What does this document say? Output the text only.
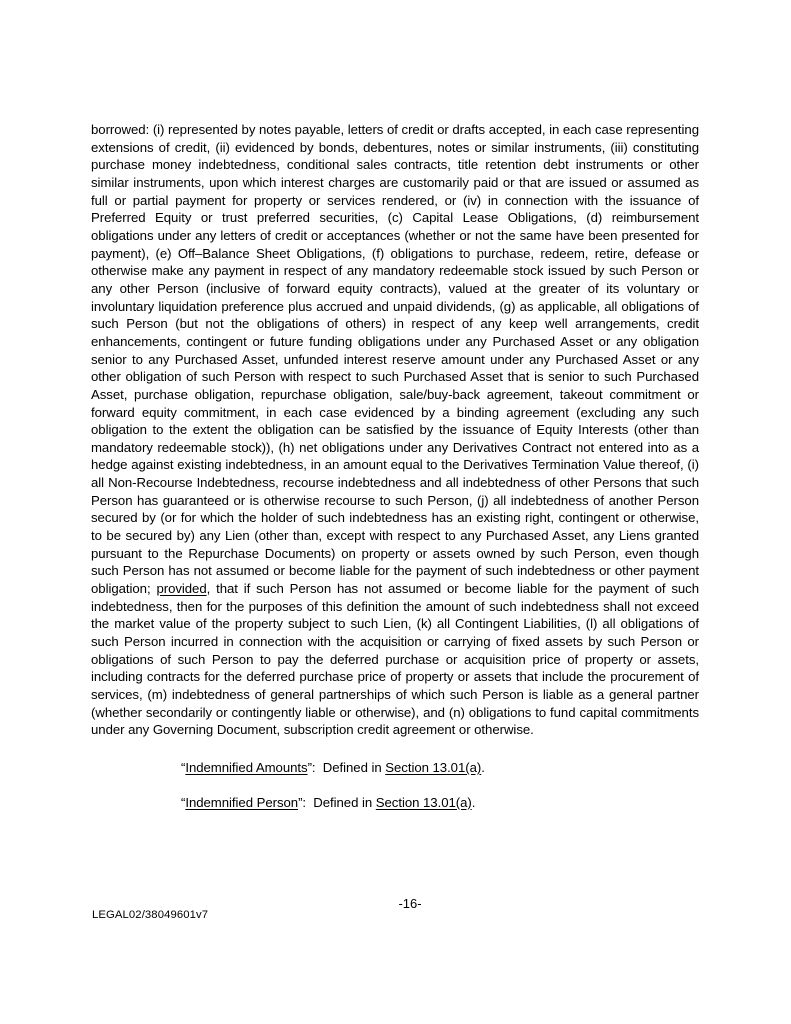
borrowed: (i) represented by notes payable, letters of credit or drafts accepted, in each case representing extensions of credit, (ii) evidenced by bonds, debentures, notes or similar instruments, (iii) constituting purchase money indebtedness, conditional sales contracts, title retention debt instruments or other similar instruments, upon which interest charges are customarily paid or that are issued or assumed as full or partial payment for property or services rendered, or (iv) in connection with the issuance of Preferred Equity or trust preferred securities, (c) Capital Lease Obligations, (d) reimbursement obligations under any letters of credit or acceptances (whether or not the same have been presented for payment), (e) Off–Balance Sheet Obligations, (f) obligations to purchase, redeem, retire, defease or otherwise make any payment in respect of any mandatory redeemable stock issued by such Person or any other Person (inclusive of forward equity contracts), valued at the greater of its voluntary or involuntary liquidation preference plus accrued and unpaid dividends, (g) as applicable, all obligations of such Person (but not the obligations of others) in respect of any keep well arrangements, credit enhancements, contingent or future funding obligations under any Purchased Asset or any obligation senior to any Purchased Asset, unfunded interest reserve amount under any Purchased Asset or any other obligation of such Person with respect to such Purchased Asset that is senior to such Purchased Asset, purchase obligation, repurchase obligation, sale/buy-back agreement, takeout commitment or forward equity commitment, in each case evidenced by a binding agreement (excluding any such obligation to the extent the obligation can be satisfied by the issuance of Equity Interests (other than mandatory redeemable stock)), (h) net obligations under any Derivatives Contract not entered into as a hedge against existing indebtedness, in an amount equal to the Derivatives Termination Value thereof, (i) all Non-Recourse Indebtedness, recourse indebtedness and all indebtedness of other Persons that such Person has guaranteed or is otherwise recourse to such Person, (j) all indebtedness of another Person secured by (or for which the holder of such indebtedness has an existing right, contingent or otherwise, to be secured by) any Lien (other than, except with respect to any Purchased Asset, any Liens granted pursuant to the Repurchase Documents) on property or assets owned by such Person, even though such Person has not assumed or become liable for the payment of such indebtedness or other payment obligation; provided, that if such Person has not assumed or become liable for the payment of such indebtedness, then for the purposes of this definition the amount of such indebtedness shall not exceed the market value of the property subject to such Lien, (k) all Contingent Liabilities, (l) all obligations of such Person incurred in connection with the acquisition or carrying of fixed assets by such Person or obligations of such Person to pay the deferred purchase or acquisition price of property or assets, including contracts for the deferred purchase price of property or assets that include the procurement of services, (m) indebtedness of general partnerships of which such Person is liable as a general partner (whether secondarily or contingently liable or otherwise), and (n) obligations to fund capital commitments under any Governing Document, subscription credit agreement or otherwise.

“Indemnified Amounts”:  Defined in Section 13.01(a).

“Indemnified Person”:  Defined in Section 13.01(a).

-16-
LEGAL02/38049601v7
